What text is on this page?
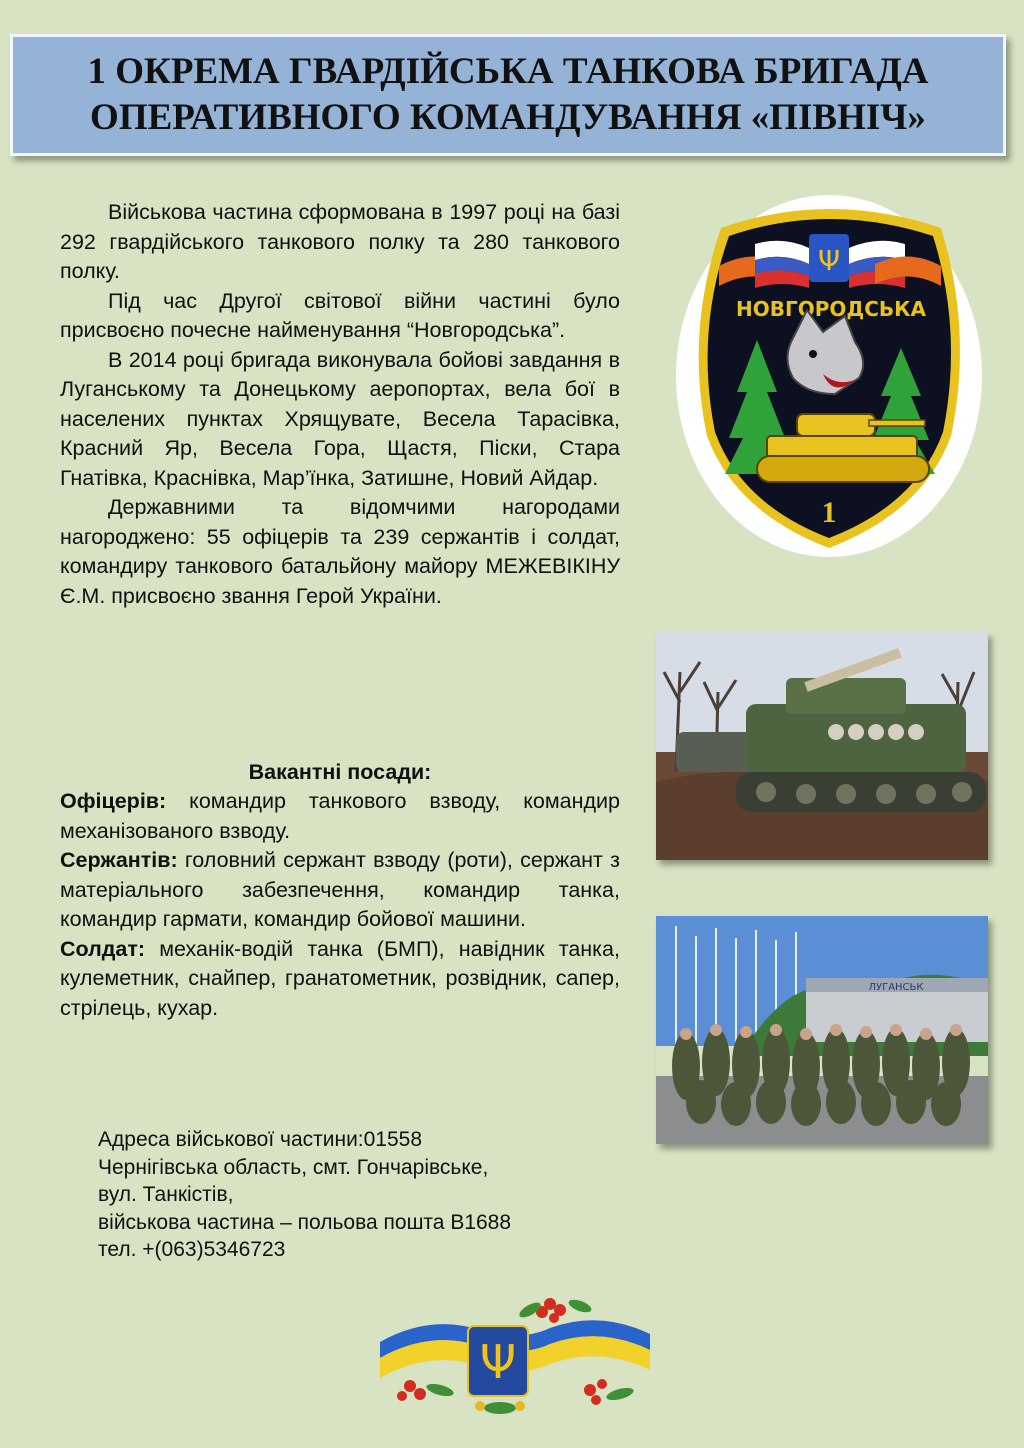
1 ОКРЕМА ГВАРДІЙСЬКА ТАНКОВА БРИГАДА
ОПЕРАТИВНОГО КОМАНДУВАННЯ «ПІВНІЧ»

Військова частина сформована в 1997 році на базі 292 гвардійського танкового полку та 280 танкового полку.

Під час Другої світової війни частині було присвоєно почесне найменування “Новгородська”.

В 2014 році бригада виконувала бойові завдання в Луганському та Донецькому аеропортах, вела бої в населених пунктах Хрящувате, Весела Тарасівка, Красний Яр, Весела Гора, Щастя, Піски, Стара Гнатівка, Краснівка, Мар’їнка, Затишне, Новий Айдар.

Державними та відомчими нагородами нагороджено: 55 офіцерів та 239 сержантів і солдат, командиру танкового батальйону майору МЕЖЕВІКІНУ Є.М. присвоєно звання Герой України.

Вакантні посади:
Офіцерів: командир танкового взводу, командир механізованого взводу.
Сержантів: головний сержант взводу (роти), сержант з матеріального забезпечення, командир танка, командир гармати, командир бойової машини.
Солдат: механік-водій танка (БМП), навідник танка, кулеметник, снайпер, гранатометник, розвідник, сапер, стрілець, кухар.
Адреса військової частини:01558
Чернігівська область, смт. Гончарівське,
вул. Танкістів,
військова частина – польова пошта В1688
тел. +(063)5346723
Ψ
НОВГОРОДСЬКА
1
ЛУГАНСЬК
Ψ
